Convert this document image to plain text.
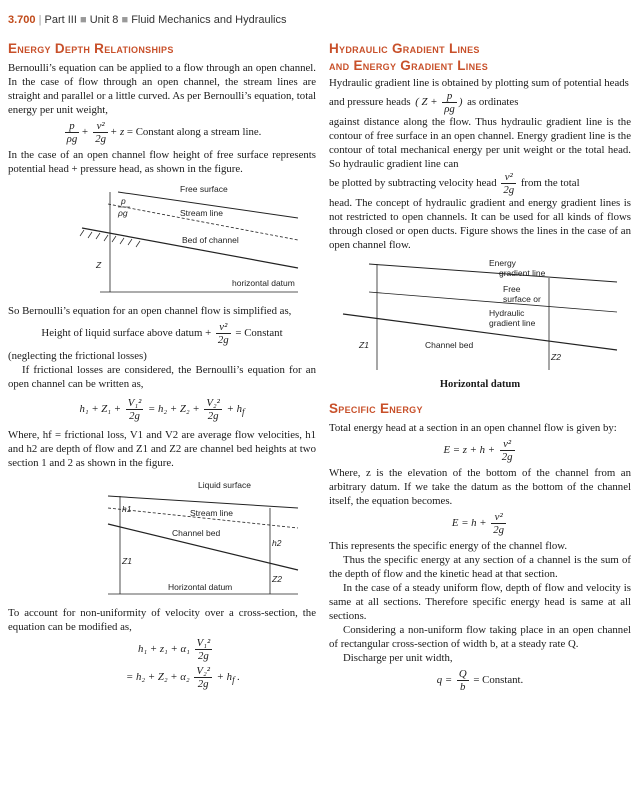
3.700 | Part III ■ Unit 8 ■ Fluid Mechanics and Hydraulics
Energy Depth Relationships

Bernoulli’s equation can be applied to a flow through an open channel. In the case of flow through an open channel, the stream lines are straight and parallel or a little curved. As per Bernoulli’s equation, total energy per unit weight,

$\frac{p}{\rho g} + \frac{\text{v²}}{2g} + z$ = Constant along a stream line.

In the case of an open channel flow height of free surface represents potential head + pressure head, as shown in the figure.

p
ρg
Free surface
Stream line
Bed of channel
horizontal datum
Z

So Bernoulli’s equation for an open channel flow is simplified as,

Height of liquid surface above datum + $\frac{\text{v²}}{2g}$ = Constant

(neglecting the frictional losses)

If frictional losses are considered, the Bernoulli’s equation for an open channel can be written as,

$h_1 + Z_1 + \frac{\text{V₁²}}{2g} = h_2 + Z_2 + \frac{\text{V₂²}}{2g} + h_f$

Where, hf = frictional loss, V1 and V2 are average flow velocities, h1 and h2 are depth of flow and Z1 and Z2 are channel bed heights at two section 1 and 2 as shown in the figure.

Liquid surface
Stream line
Channel bed
Horizontal datum
h1
h2
Z1
Z2

To account for non-uniformity of velocity over a cross-section, the equation can be modified as,

$h_1 + z_1 + \alpha_1 \frac{\text{V₁²}}{2g}$
= $h_2 + Z_2 + \alpha_2 \frac{\text{V₂²}}{2g} + h_f$ .
Hydraulic Gradient Lines
and Energy Gradient Lines

Hydraulic gradient line is obtained by plotting sum of potential heads and pressure heads

( $Z + \frac{p}{\rho g}$ ) as ordinates

against distance along the flow. Thus hydraulic gradient line is the contour of free surface in an open channel. Energy gradient line is the contour of total mechanical energy per unit weight or the total head. So hydraulic gradient line can

be plotted by subtracting velocity head $\frac{\text{v²}}{2g}$ from the total

head. The concept of hydraulic gradient and energy gradient lines is not restricted to open channels. It can be used for all kinds of flows through closed or open ducts. Figure shows the lines in the case of an open channel flow.

Energy
gradient line
Free
surface or
Hydraulic
gradient line
Channel bed
Z1
Z2
Horizontal datum
Specific Energy

Total energy head at a section in an open channel flow is given by:

$E = z + h + \frac{\text{v²}}{2g}$

Where, z is the elevation of the bottom of the channel from an arbitrary datum. If we take the datum as the bottom of the channel itself, the equation becomes.

$E = h + \frac{\text{v²}}{2g}$

This represents the specific energy of the channel flow.

Thus the specific energy at any section of a channel is the sum of the depth of flow and the kinetic head at that section.

In the case of a steady uniform flow, depth of flow and velocity is same at all sections. Therefore specific energy head is same at all sections.

Considering a non-uniform flow taking place in an open channel of rectangular cross-section of width b, at a steady rate Q.

Discharge per unit width,

$q = \frac{Q}{b}$ = Constant.
